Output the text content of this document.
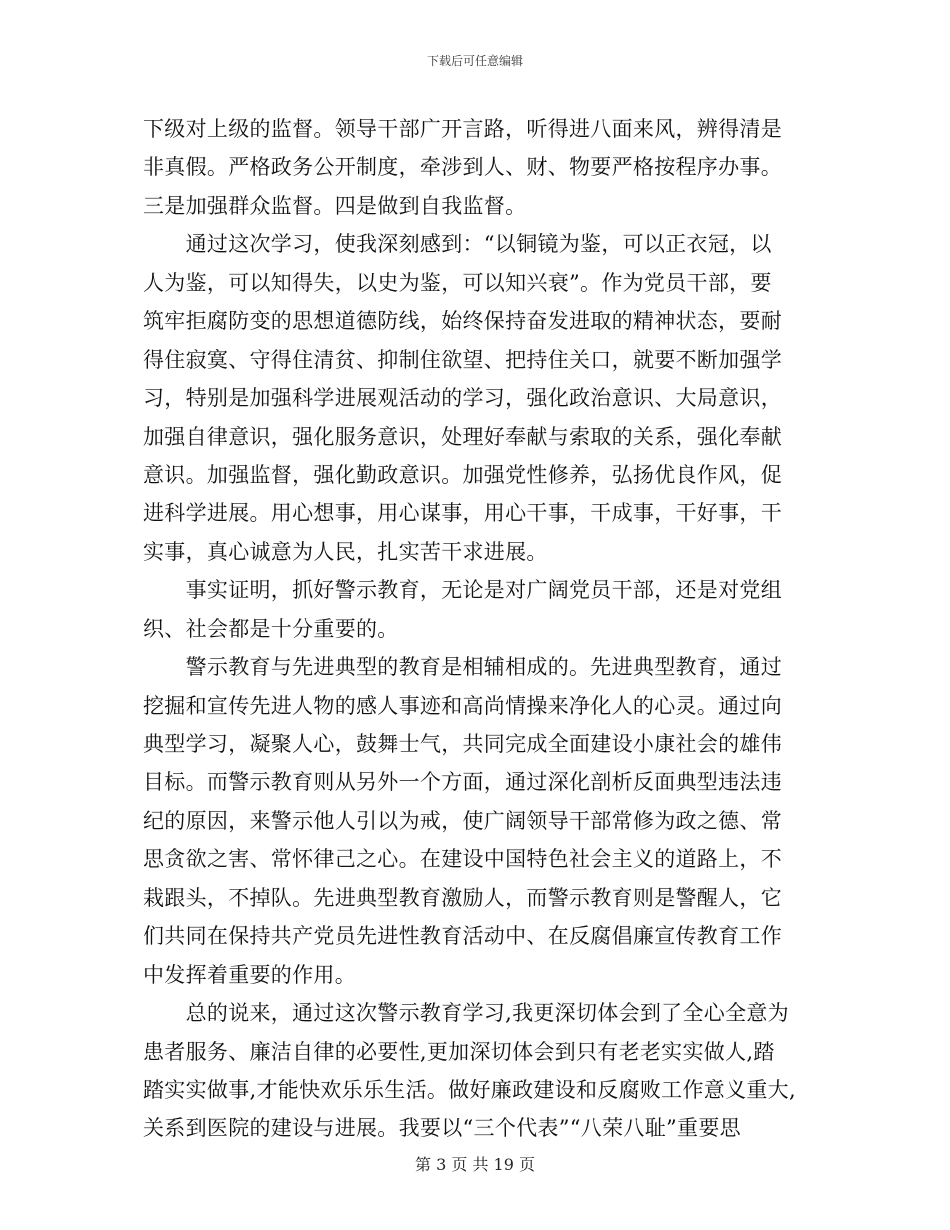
下载后可任意编辑
下级对上级的监督。领导干部广开言路，听得进八面来风，辨得清是
非真假。严格政务公开制度，牵涉到人、财、物要严格按程序办事。
三是加强群众监督。四是做到自我监督。
　　通过这次学习，使我深刻感到：“以铜镜为鉴，可以正衣冠，以
人为鉴，可以知得失，以史为鉴，可以知兴衰”。作为党员干部，要
筑牢拒腐防变的思想道德防线，始终保持奋发进取的精神状态，要耐
得住寂寞、守得住清贫、抑制住欲望、把持住关口，就要不断加强学
习，特别是加强科学进展观活动的学习，强化政治意识、大局意识，
加强自律意识，强化服务意识，处理好奉献与索取的关系，强化奉献
意识。加强监督，强化勤政意识。加强党性修养，弘扬优良作风，促
进科学进展。用心想事，用心谋事，用心干事，干成事，干好事，干
实事，真心诚意为人民，扎实苦干求进展。
　　事实证明，抓好警示教育，无论是对广阔党员干部，还是对党组
织、社会都是十分重要的。
　　警示教育与先进典型的教育是相辅相成的。先进典型教育，通过
挖掘和宣传先进人物的感人事迹和高尚情操来净化人的心灵。通过向
典型学习，凝聚人心，鼓舞士气，共同完成全面建设小康社会的雄伟
目标。而警示教育则从另外一个方面，通过深化剖析反面典型违法违
纪的原因，来警示他人引以为戒，使广阔领导干部常修为政之德、常
思贪欲之害、常怀律己之心。在建设中国特色社会主义的道路上，不
栽跟头，不掉队。先进典型教育激励人，而警示教育则是警醒人，它
们共同在保持共产党员先进性教育活动中、在反腐倡廉宣传教育工作
中发挥着重要的作用。
　　总的说来，通过这次警示教育学习,我更深切体会到了全心全意为
患者服务、廉洁自律的必要性,更加深切体会到只有老老实实做人,踏
踏实实做事,才能快欢乐乐生活。做好廉政建设和反腐败工作意义重大,
关系到医院的建设与进展。我要以“三个代表”“八荣八耻”重要思
第 3 页 共 19 页
